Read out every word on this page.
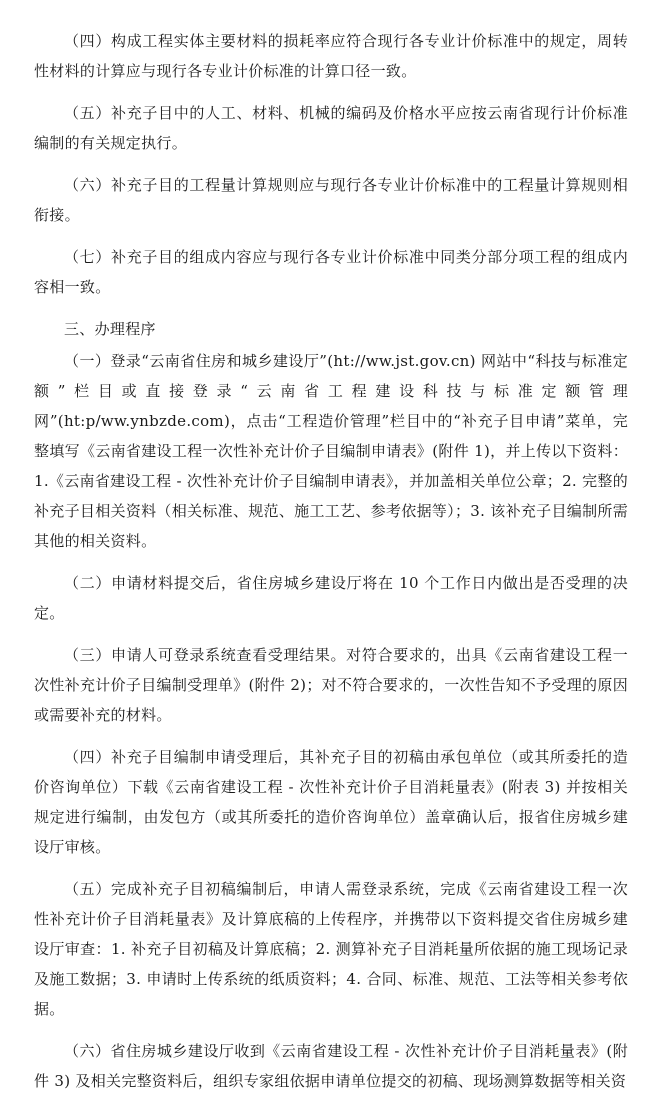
（四）构成工程实体主要材料的损耗率应符合现行各专业计价标准中的规定，周转性材料的计算应与现行各专业计价标准的计算口径一致。

（五）补充子目中的人工、材料、机械的编码及价格水平应按云南省现行计价标准编制的有关规定执行。

（六）补充子目的工程量计算规则应与现行各专业计价标准中的工程量计算规则相衔接。

（七）补充子目的组成内容应与现行各专业计价标准中同类分部分项工程的组成内容相一致。

三、办理程序

（一）登录“云南省住房和城乡建设厅”(ht://ww.jst.gov.cn) 网站中“科技与标准定额”栏目或直接登录“云南省工程建设科技与标准定额管理网”(ht:p/ww.ynbzde.com)，点击“工程造价管理”栏目中的“补充子目申请”菜单，完整填写《云南省建设工程一次性补充计价子目编制申请表》(附件 1)，并上传以下资料：1.《云南省建设工程 - 次性补充计价子目编制申请表》，并加盖相关单位公章；2. 完整的补充子目相关资料（相关标准、规范、施工工艺、参考依据等）；3. 该补充子目编制所需其他的相关资料。

（二）申请材料提交后，省住房城乡建设厅将在 10 个工作日内做出是否受理的决定。

（三）申请人可登录系统查看受理结果。对符合要求的，出具《云南省建设工程一次性补充计价子目编制受理单》(附件 2)；对不符合要求的，一次性告知不予受理的原因或需要补充的材料。

（四）补充子目编制申请受理后，其补充子目的初稿由承包单位（或其所委托的造价咨询单位）下载《云南省建设工程 - 次性补充计价子目消耗量表》(附表 3) 并按相关规定进行编制，由发包方（或其所委托的造价咨询单位）盖章确认后，报省住房城乡建设厅审核。

（五）完成补充子目初稿编制后，申请人需登录系统，完成《云南省建设工程一次性补充计价子目消耗量表》及计算底稿的上传程序，并携带以下资料提交省住房城乡建设厅审查：1. 补充子目初稿及计算底稿；2. 测算补充子目消耗量所依据的施工现场记录及施工数据；3. 申请时上传系统的纸质资料；4. 合同、标准、规范、工法等相关参考依据。

（六）省住房城乡建设厅收到《云南省建设工程 - 次性补充计价子目消耗量表》(附件 3) 及相关完整资料后，组织专家组依据申请单位提交的初稿、现场测算数据等相关资
